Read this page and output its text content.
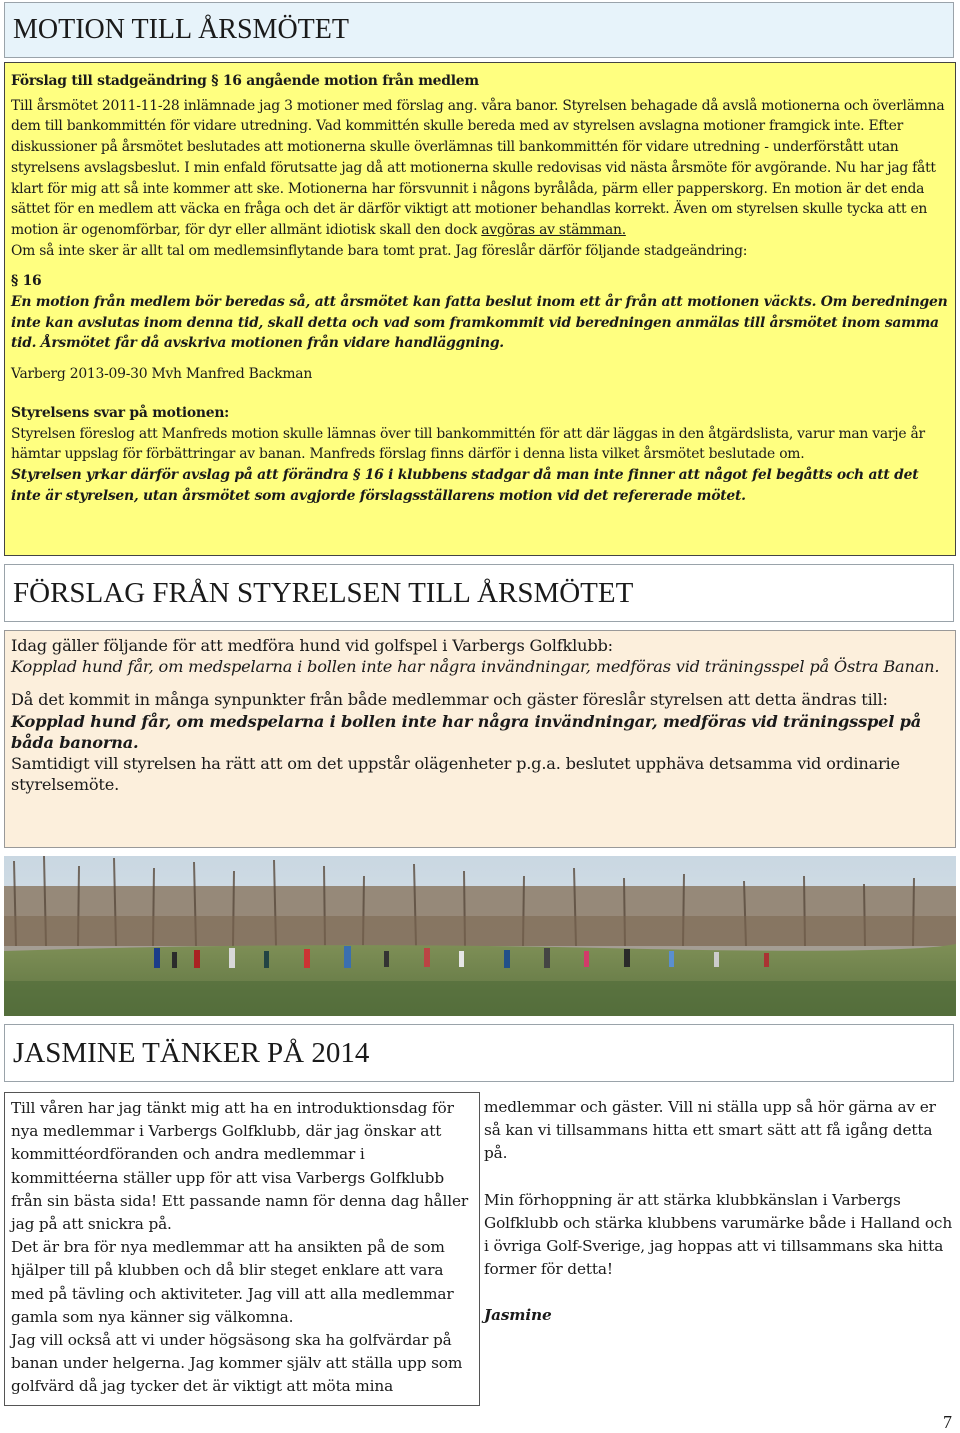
MOTION TILL ÅRSMÖTET

Förslag till stadgeändring § 16 angående motion från medlem

Till årsmötet 2011-11-28 inlämnade jag 3 motioner med förslag ang. våra banor. Styrelsen behagade då avslå motionerna och överlämna dem till bankommittén för vidare utredning. Vad kommittén skulle bereda med av styrelsen avslagna motioner framgick inte. Efter diskussioner på årsmötet beslutades att motionerna skulle överlämnas till bankommittén för vidare utredning - underförstått utan styrelsens avslagsbeslut. I min enfald förutsatte jag då att motionerna skulle redovisas vid nästa årsmöte för avgörande. Nu har jag fått klart för mig att så inte kommer att ske. Motionerna har försvunnit i någons byrålåda, pärm eller papperskorg. En motion är det enda sättet för en medlem att väcka en fråga och det är därför viktigt att motioner behandlas korrekt. Även om styrelsen skulle tycka att en motion är ogenomförbar, för dyr eller allmänt idiotisk skall den dock avgöras av stämman.
Om så inte sker är allt tal om medlemsinflytande bara tomt prat. Jag föreslår därför följande stadgeändring:

§ 16

En motion från medlem bör beredas så, att årsmötet kan fatta beslut inom ett år från att motionen väckts. Om beredningen inte kan avslutas inom denna tid, skall detta och vad som framkommit vid beredningen anmälas till årsmötet inom samma tid. Årsmötet får då avskriva motionen från vidare handläggning.

Varberg 2013-09-30 Mvh Manfred Backman

Styrelsens svar på motionen:

Styrelsen föreslog att Manfreds motion skulle lämnas över till bankommittén för att där läggas in den åtgärdslista, varur man varje år hämtar uppslag för förbättringar av banan. Manfreds förslag finns därför i denna lista vilket årsmötet beslutade om.

Styrelsen yrkar därför avslag på att förändra § 16 i klubbens stadgar då man inte finner att något fel begåtts och att det inte är styrelsen, utan årsmötet som avgjorde förslagsställarens motion vid det refererade mötet.

FÖRSLAG FRÅN STYRELSEN TILL ÅRSMÖTET

Idag gäller följande för att medföra hund vid golfspel i Varbergs Golfklubb:

Kopplad hund får, om medspelarna i bollen inte har några invändningar, medföras vid träningsspel på Östra Banan.

Då det kommit in många synpunkter från både medlemmar och gäster föreslår styrelsen att detta ändras till:

Kopplad hund får, om medspelarna i bollen inte har några invändningar, medföras vid träningsspel på båda banorna.

Samtidigt vill styrelsen ha rätt att om det uppstår olägenheter p.g.a. beslutet upphäva detsamma vid ordinarie styrelsemöte.

JASMINE TÄNKER PÅ 2014

Till våren har jag tänkt mig att ha en introduktionsdag för nya medlemmar i Varbergs Golfklubb, där jag önskar att kommittéordföranden och andra medlemmar i kommittéerna ställer upp för att visa Varbergs Golfklubb från sin bästa sida! Ett passande namn för denna dag håller jag på att snickra på.

Det är bra för nya medlemmar att ha ansikten på de som hjälper till på klubben och då blir steget enklare att vara med på tävling och aktiviteter. Jag vill att alla medlemmar gamla som nya känner sig välkomna.

Jag vill också att vi under högsäsong ska ha golfvärdar på banan under helgerna. Jag kommer själv att ställa upp som golfvärd då jag tycker det är viktigt att möta mina

medlemmar och gäster. Vill ni ställa upp så hör gärna av er så kan vi tillsammans hitta ett smart sätt att få igång detta på.

Min förhoppning är att stärka klubbkänslan i Varbergs Golfklubb och stärka klubbens varumärke både i Halland och i övriga Golf-Sverige, jag hoppas att vi tillsammans ska hitta former för detta!

Jasmine

7
